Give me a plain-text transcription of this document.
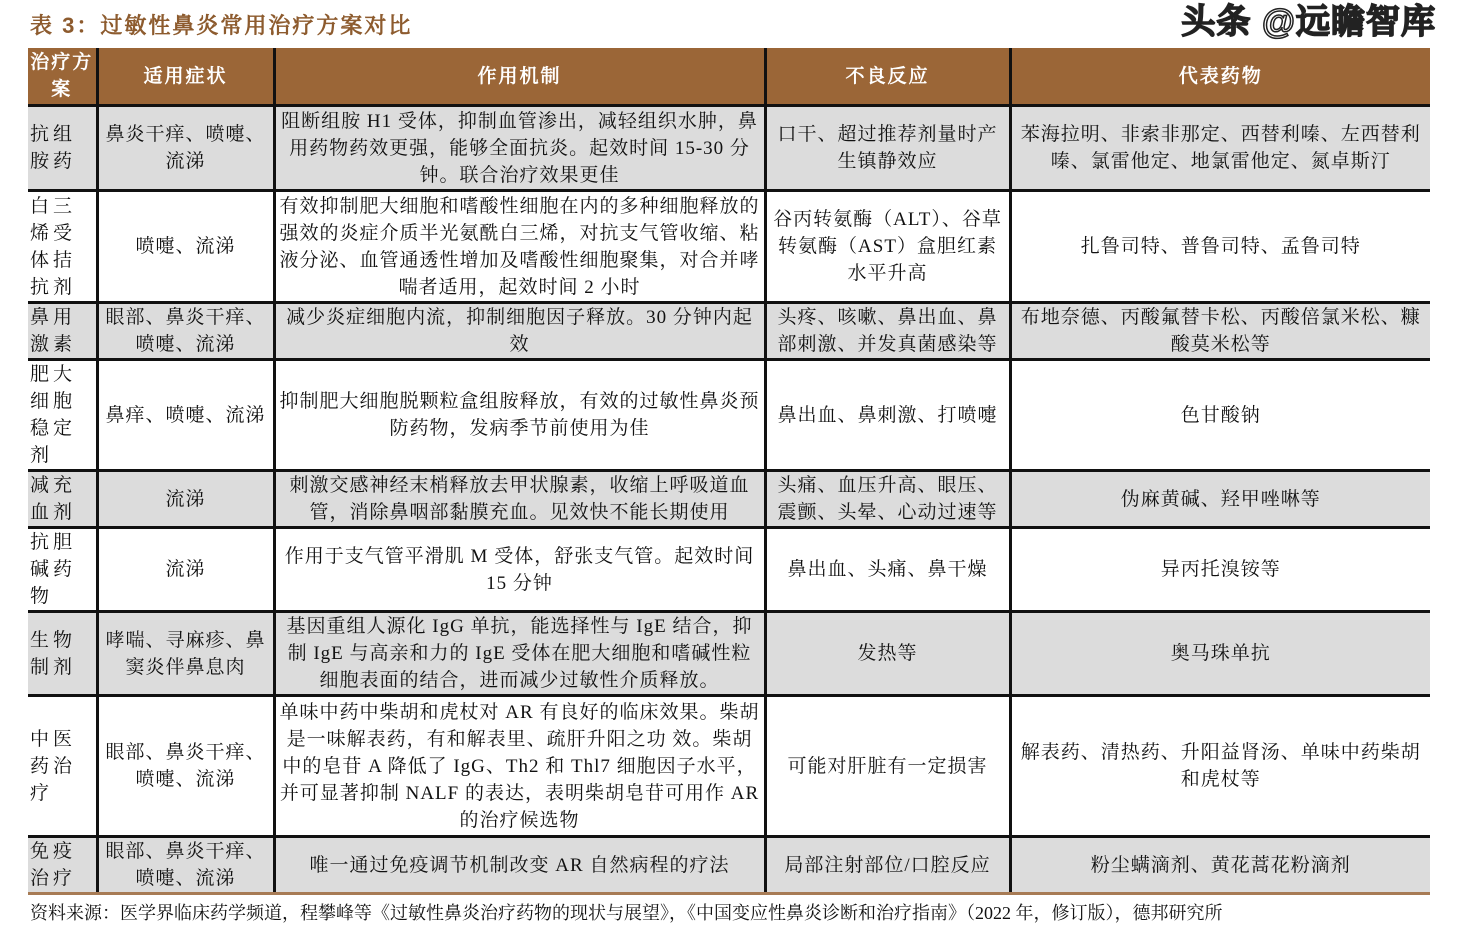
表 3：过敏性鼻炎常用治疗方案对比
治疗方案	适用症状	作用机制	不良反应	代表药物
抗组胺药	鼻炎干痒、喷嚏、流涕	阻断组胺 H1 受体，抑制血管渗出，减轻组织水肿，鼻用药物药效更强，能够全面抗炎。起效时间 15-30 分钟。联合治疗效果更佳	口干、超过推荐剂量时产生镇静效应	苯海拉明、非索非那定、西替利嗪、左西替利嗪、氯雷他定、地氯雷他定、氮卓斯汀
白三烯受体拮抗剂	喷嚏、流涕	有效抑制肥大细胞和嗜酸性细胞在内的多种细胞释放的强效的炎症介质半光氨酰白三烯，对抗支气管收缩、粘液分泌、血管通透性增加及嗜酸性细胞聚集，对合并哮喘者适用，起效时间 2 小时	谷丙转氨酶（ALT）、谷草转氨酶（AST）盒胆红素水平升高	扎鲁司特、普鲁司特、孟鲁司特
鼻用激素	眼部、鼻炎干痒、喷嚏、流涕	减少炎症细胞内流，抑制细胞因子释放。30 分钟内起效	头疼、咳嗽、鼻出血、鼻部刺激、并发真菌感染等	布地奈德、丙酸氟替卡松、丙酸倍氯米松、糠酸莫米松等
肥大细胞稳定剂	鼻痒、喷嚏、流涕	抑制肥大细胞脱颗粒盒组胺释放，有效的过敏性鼻炎预防药物，发病季节前使用为佳	鼻出血、鼻刺激、打喷嚏	色甘酸钠
减充血剂	流涕	刺激交感神经末梢释放去甲状腺素，收缩上呼吸道血管，消除鼻咽部黏膜充血。见效快不能长期使用	头痛、血压升高、眼压、震颤、头晕、心动过速等	伪麻黄碱、羟甲唑啉等
抗胆碱药物	流涕	作用于支气管平滑肌 M 受体，舒张支气管。起效时间 15 分钟	鼻出血、头痛、鼻干燥	异丙托溴铵等
生物制剂	哮喘、寻麻疹、鼻窦炎伴鼻息肉	基因重组人源化 IgG 单抗，能选择性与 IgE 结合，抑制 IgE 与高亲和力的 IgE 受体在肥大细胞和嗜碱性粒细胞表面的结合，进而减少过敏性介质释放。	发热等	奥马珠单抗
中医药治疗	眼部、鼻炎干痒、喷嚏、流涕	单味中药中柴胡和虎杖对 AR 有良好的临床效果。柴胡是一味解表药，有和解表里、疏肝升阳之功 效。柴胡中的皂苷 A 降低了 IgG、Th2 和 Thl7 细胞因子水平，并可显著抑制 NALF 的表达，表明柴胡皂苷可用作 AR 的治疗候选物	可能对肝脏有一定损害	解表药、清热药、升阳益肾汤、单味中药柴胡和虎杖等
免疫治疗	眼部、鼻炎干痒、喷嚏、流涕	唯一通过免疫调节机制改变 AR 自然病程的疗法	局部注射部位/口腔反应	粉尘螨滴剂、黄花蒿花粉滴剂
资料来源：医学界临床药学频道，程攀峰等《过敏性鼻炎治疗药物的现状与展望》，《中国变应性鼻炎诊断和治疗指南》（2022 年，修订版），德邦研究所
头条 @远瞻智库
